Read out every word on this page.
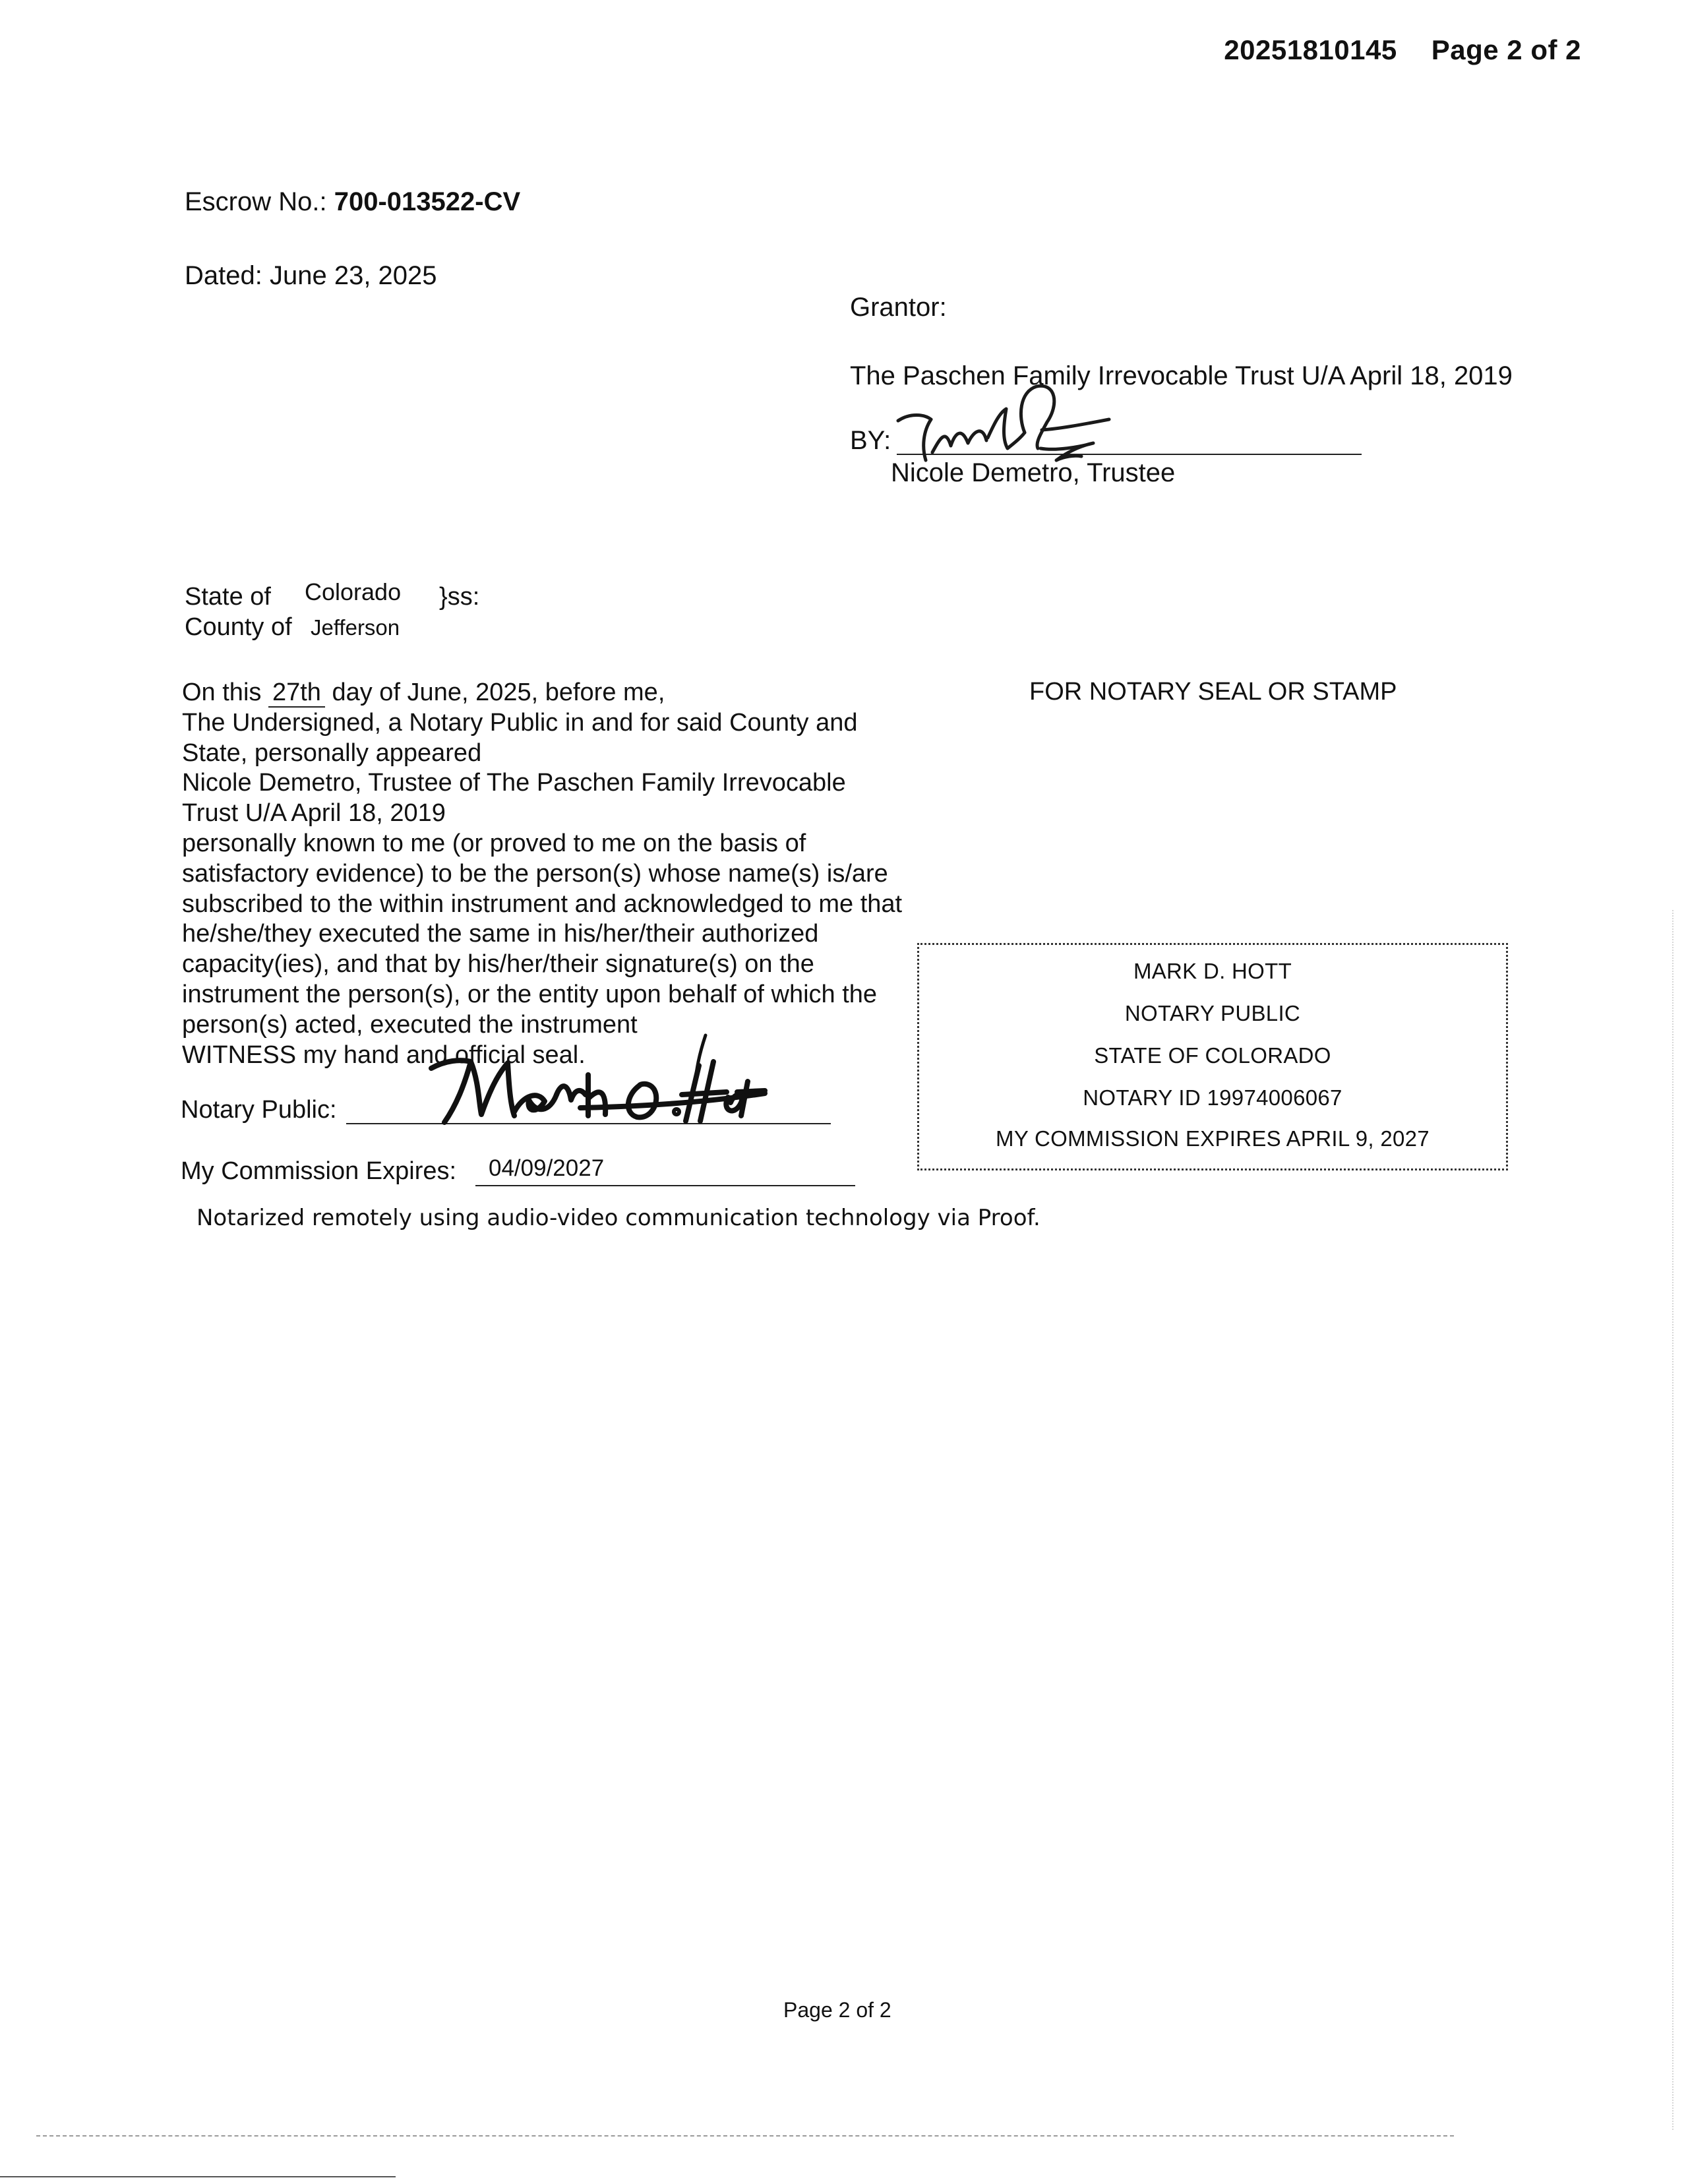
20251810145 Page 2 of 2
Escrow No.: 700-013522-CV
Dated: June 23, 2025
Grantor:
The Paschen Family Irrevocable Trust U/A April 18, 2019
BY:
Nicole Demetro, Trustee
State of Colorado }ss:
County of Jefferson
On this 27th day of June, 2025, before me,
The Undersigned, a Notary Public in and for said County and
State, personally appeared
Nicole Demetro, Trustee of The Paschen Family Irrevocable
Trust U/A April 18, 2019
personally known to me (or proved to me on the basis of
satisfactory evidence) to be the person(s) whose name(s) is/are
subscribed to the within instrument and acknowledged to me that
he/she/they executed the same in his/her/their authorized
capacity(ies), and that by his/her/their signature(s) on the
instrument the person(s), or the entity upon behalf of which the
person(s) acted, executed the instrument
WITNESS my hand and official seal.
Notary Public:
My Commission Expires: 04/09/2027
FOR NOTARY SEAL OR STAMP
MARK D. HOTT
NOTARY PUBLIC
STATE OF COLORADO
NOTARY ID 19974006067
MY COMMISSION EXPIRES APRIL 9, 2027
Notarized remotely using audio-video communication technology via Proof.
Page 2 of 2
